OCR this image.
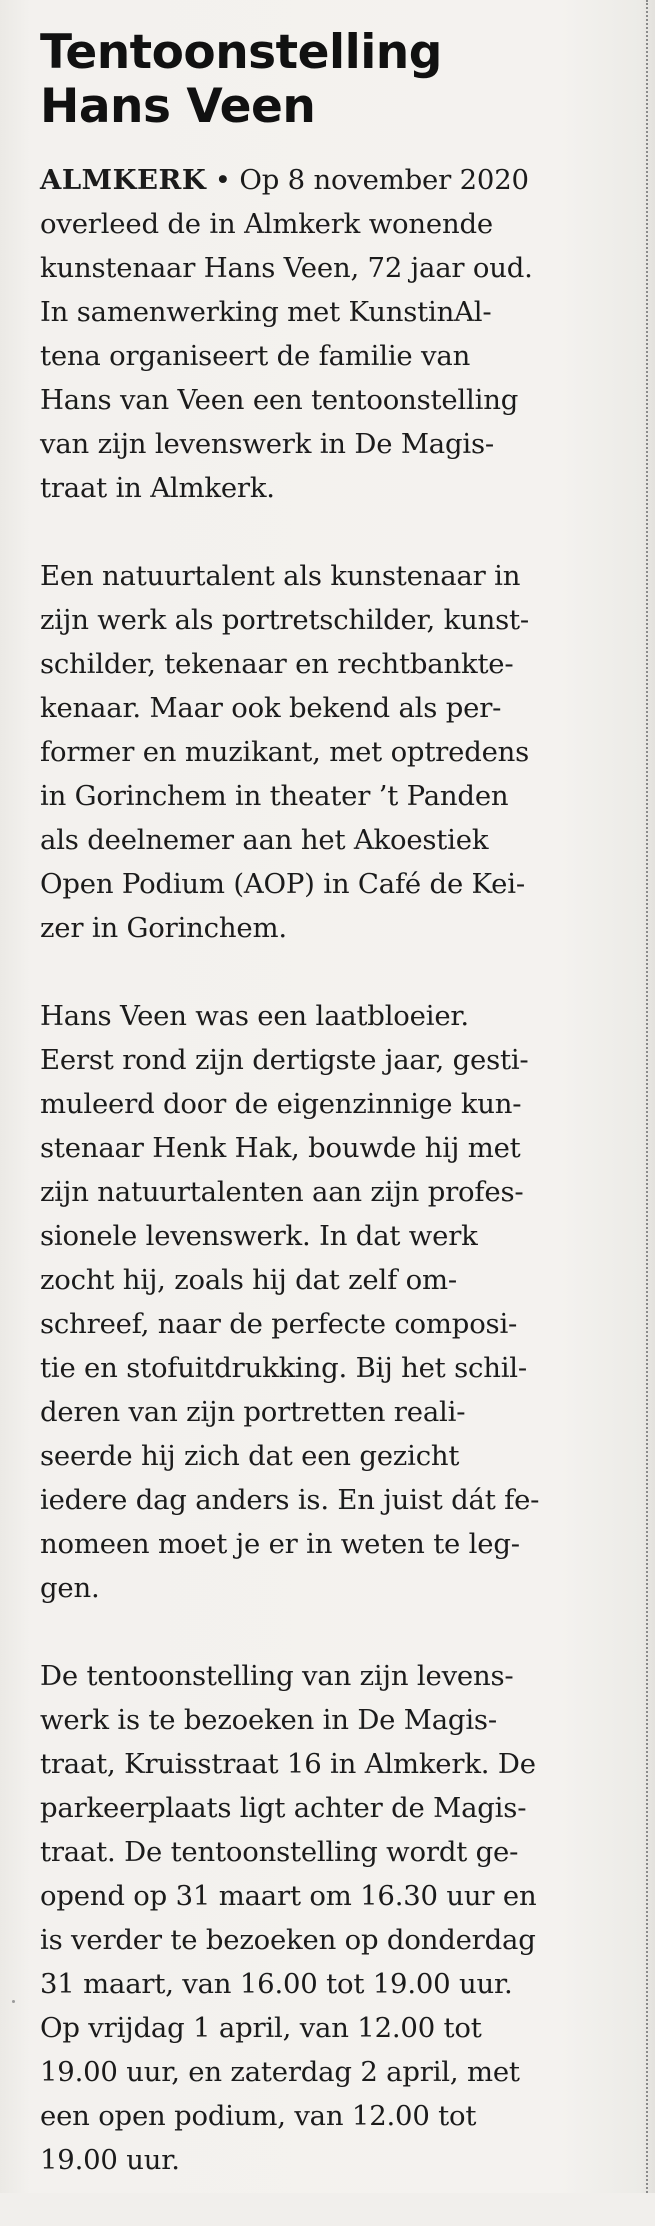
Tentoonstelling
Hans Veen
ALMKERK • Op 8 november 2020
overleed de in Almkerk wonende
kunstenaar Hans Veen, 72 jaar oud.
In samenwerking met KunstinAl-
tena organiseert de familie van
Hans van Veen een tentoonstelling
van zijn levenswerk in De Magis-
traat in Almkerk.
Een natuurtalent als kunstenaar in
zijn werk als portretschilder, kunst-
schilder, tekenaar en rechtbankte-
kenaar. Maar ook bekend als per-
former en muzikant, met optredens
in Gorinchem in theater ’t Panden
als deelnemer aan het Akoestiek
Open Podium (AOP) in Café de Kei-
zer in Gorinchem.
Hans Veen was een laatbloeier.
Eerst rond zijn dertigste jaar, gesti-
muleerd door de eigenzinnige kun-
stenaar Henk Hak, bouwde hij met
zijn natuurtalenten aan zijn profes-
sionele levenswerk. In dat werk
zocht hij, zoals hij dat zelf om-
schreef, naar de perfecte composi-
tie en stofuitdrukking. Bij het schil-
deren van zijn portretten reali-
seerde hij zich dat een gezicht
iedere dag anders is. En juist dát fe-
nomeen moet je er in weten te leg-
gen.
De tentoonstelling van zijn levens-
werk is te bezoeken in De Magis-
traat, Kruisstraat 16 in Almkerk. De
parkeerplaats ligt achter de Magis-
traat. De tentoonstelling wordt ge-
opend op 31 maart om 16.30 uur en
is verder te bezoeken op donderdag
31 maart, van 16.00 tot 19.00 uur.
Op vrijdag 1 april, van 12.00 tot
19.00 uur, en zaterdag 2 april, met
een open podium, van 12.00 tot
19.00 uur.
